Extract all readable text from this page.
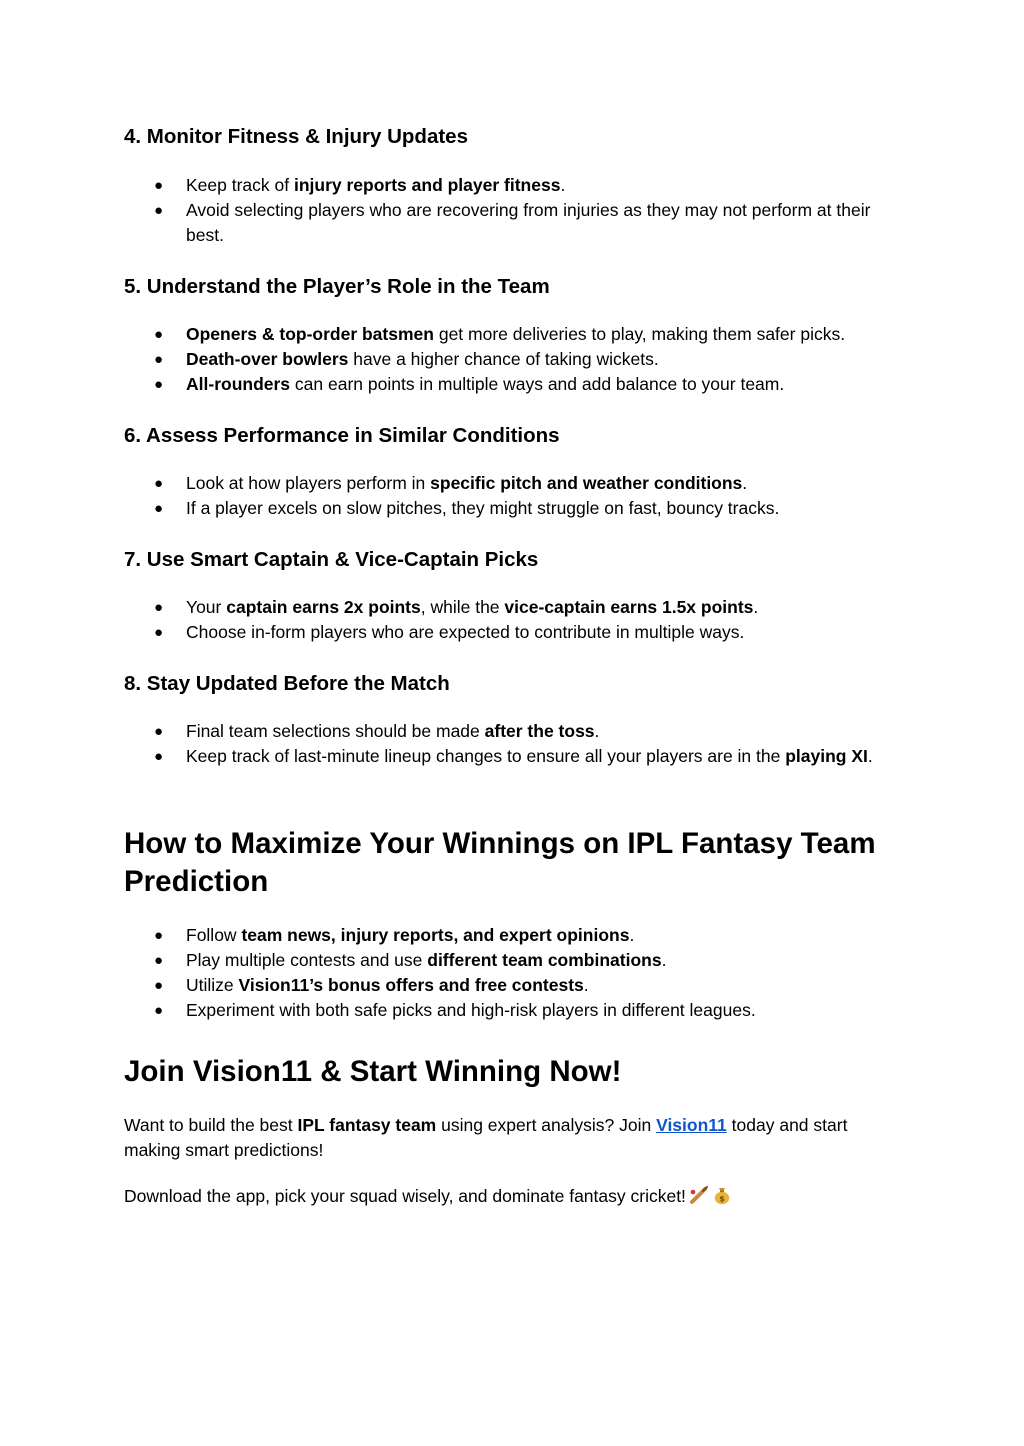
4. Monitor Fitness & Injury Updates
● Keep track of injury reports and player fitness.
● Avoid selecting players who are recovering from injuries as they may not perform at their best.
5. Understand the Player’s Role in the Team
● Openers & top-order batsmen get more deliveries to play, making them safer picks.
● Death-over bowlers have a higher chance of taking wickets.
● All-rounders can earn points in multiple ways and add balance to your team.
6. Assess Performance in Similar Conditions
● Look at how players perform in specific pitch and weather conditions.
● If a player excels on slow pitches, they might struggle on fast, bouncy tracks.
7. Use Smart Captain & Vice-Captain Picks
● Your captain earns 2x points, while the vice-captain earns 1.5x points.
● Choose in-form players who are expected to contribute in multiple ways.
8. Stay Updated Before the Match
● Final team selections should be made after the toss.
● Keep track of last-minute lineup changes to ensure all your players are in the playing XI.
How to Maximize Your Winnings on IPL Fantasy Team Prediction
● Follow team news, injury reports, and expert opinions.
● Play multiple contests and use different team combinations.
● Utilize Vision11’s bonus offers and free contests.
● Experiment with both safe picks and high-risk players in different leagues.
Join Vision11 & Start Winning Now!

Want to build the best IPL fantasy team using expert analysis? Join Vision11 today and start making smart predictions!

Download the app, pick your squad wisely, and dominate fantasy cricket!	$
